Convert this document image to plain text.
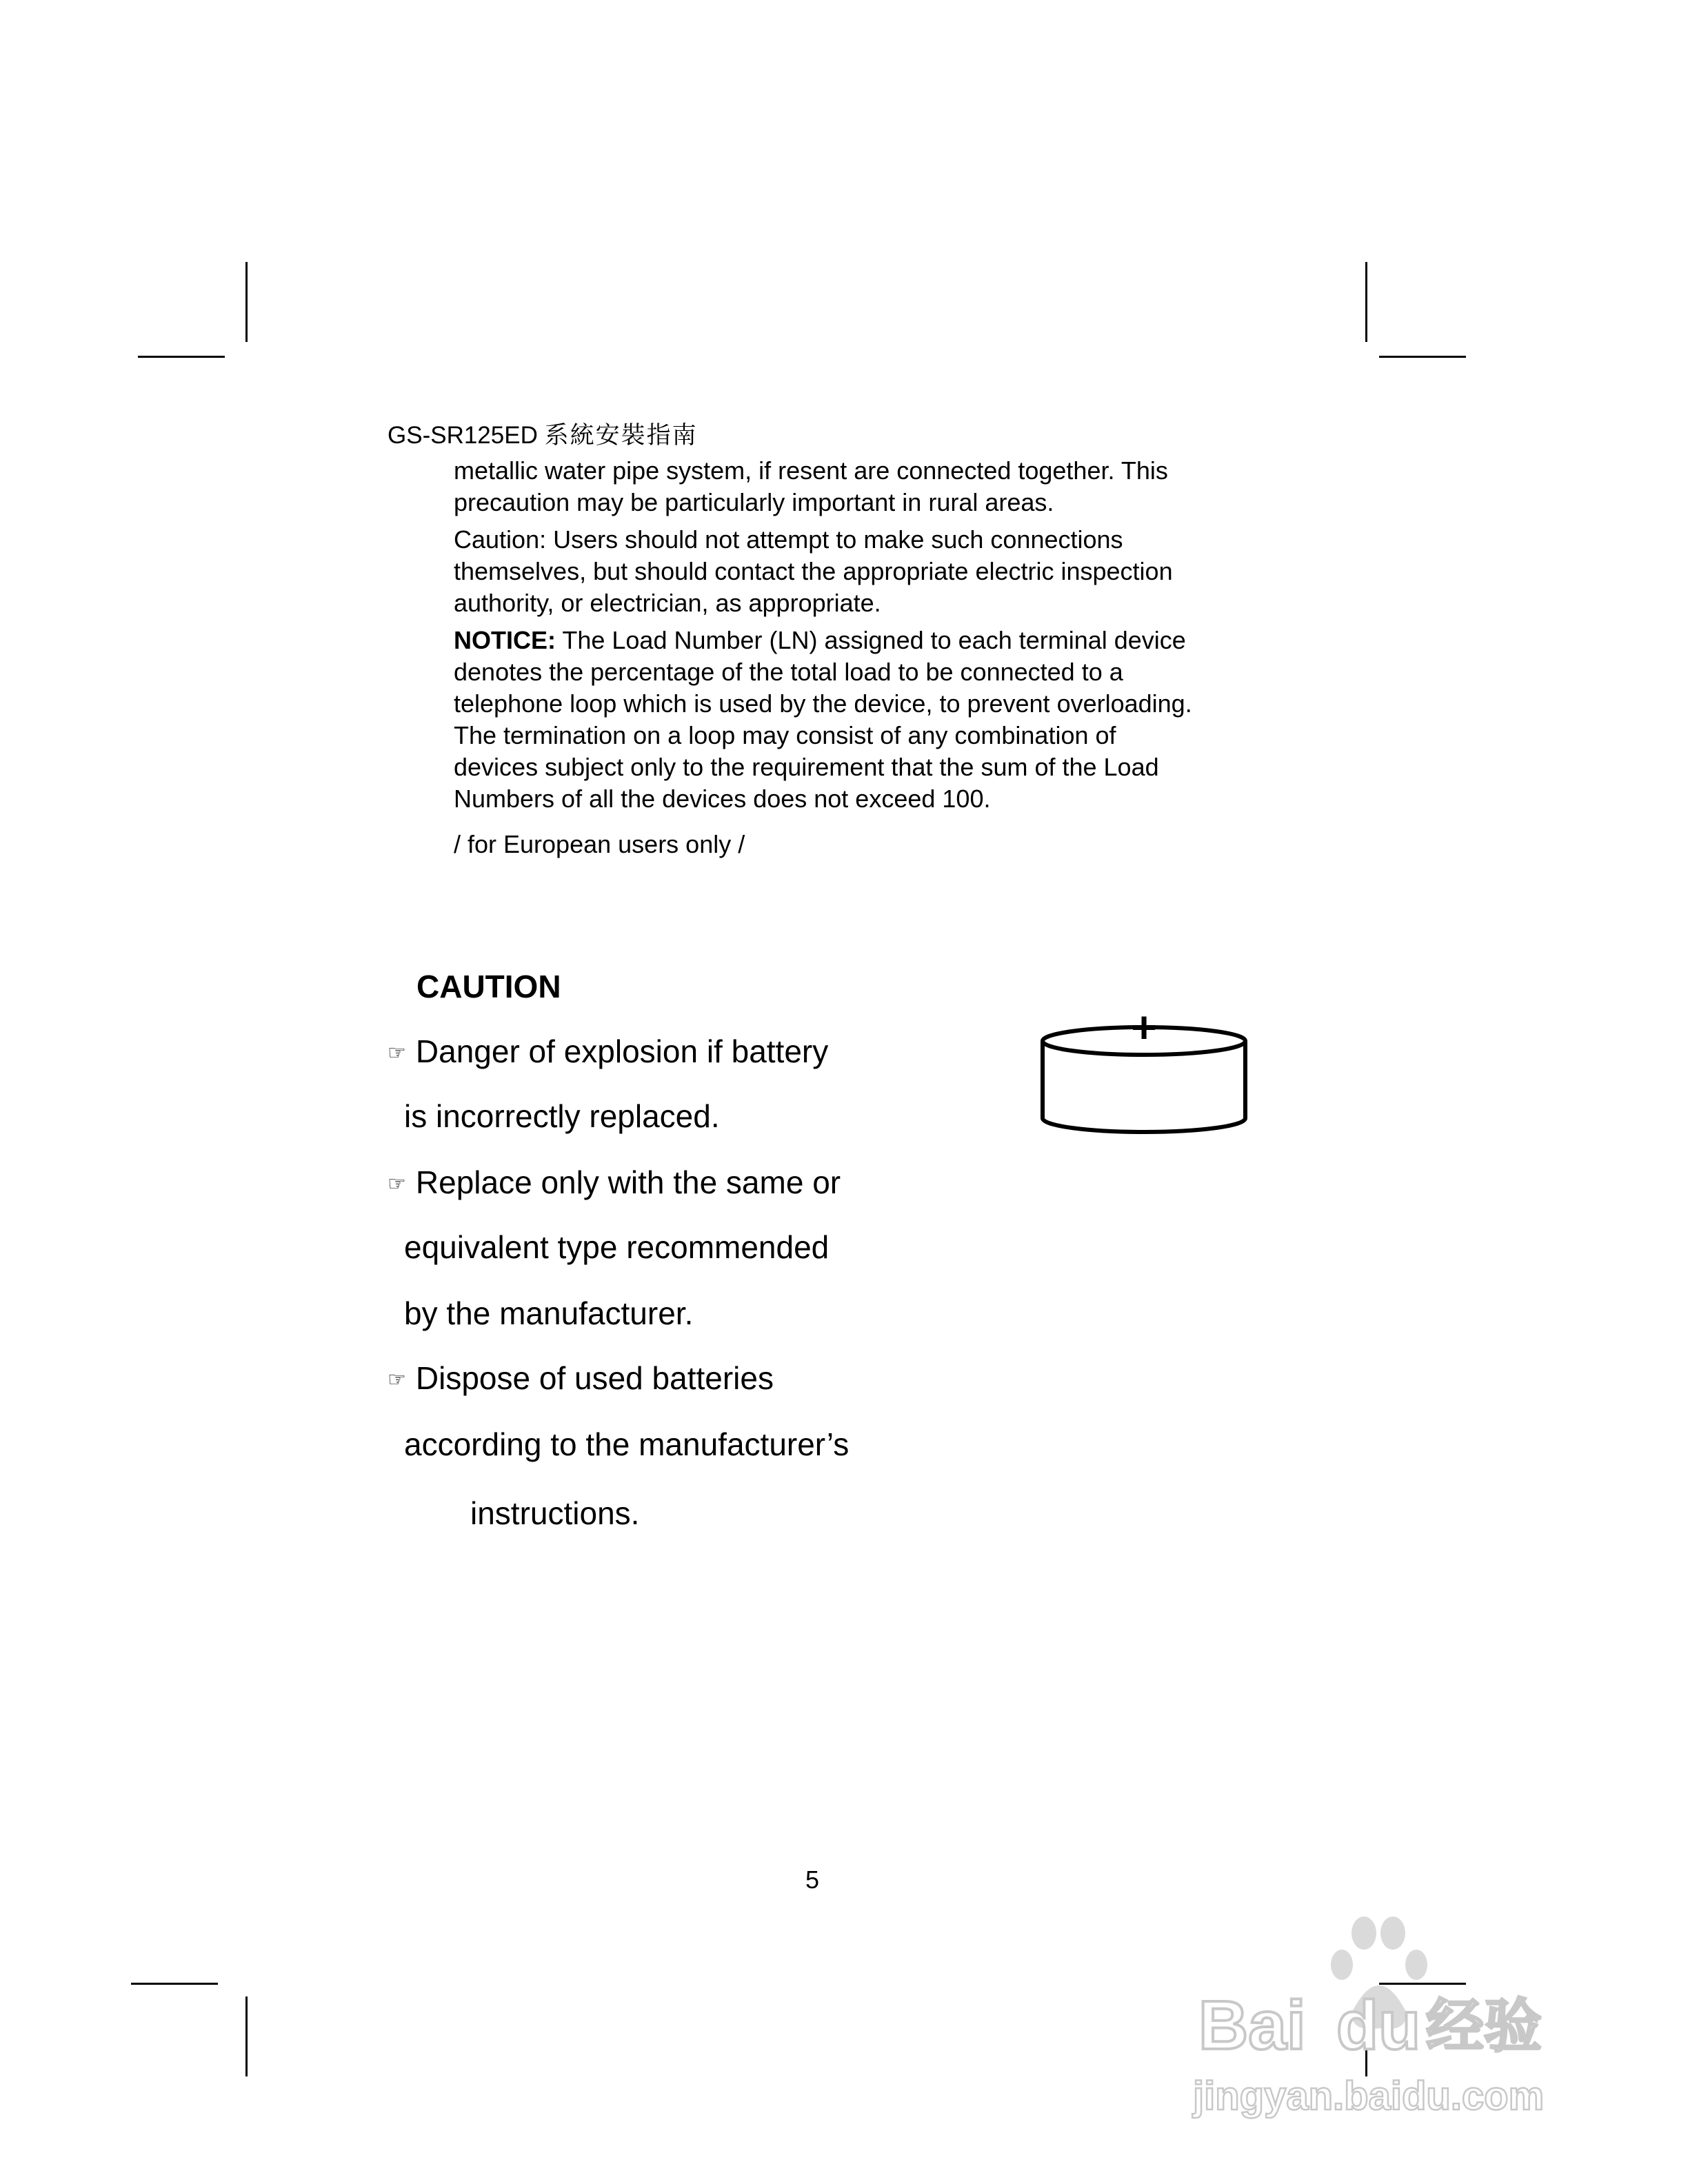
GS-SR125ED 系統安裝指南

metallic water pipe system, if resent are connected together. This

precaution may be particularly important in rural areas.

Caution: Users should not attempt to make such connections

themselves, but should contact the appropriate electric inspection

authority, or electrician, as appropriate.

NOTICE: The Load Number (LN) assigned to each terminal device

denotes the percentage of the total load to be connected to a

telephone loop which is used by the device, to prevent overloading.

The termination on a loop may consist of any combination of

devices subject only to the requirement that the sum of the Load

Numbers of all the devices does not exceed 100.

/ for European users only /

CAUTION
☞ Danger of explosion if battery
is incorrectly replaced.
☞ Replace only with the same or
equivalent type recommended
by the manufacturer.
☞ Dispose of used batteries
according to the manufacturer’s
instructions.
+
5
Bai du 经验
jingyan.baidu.com
